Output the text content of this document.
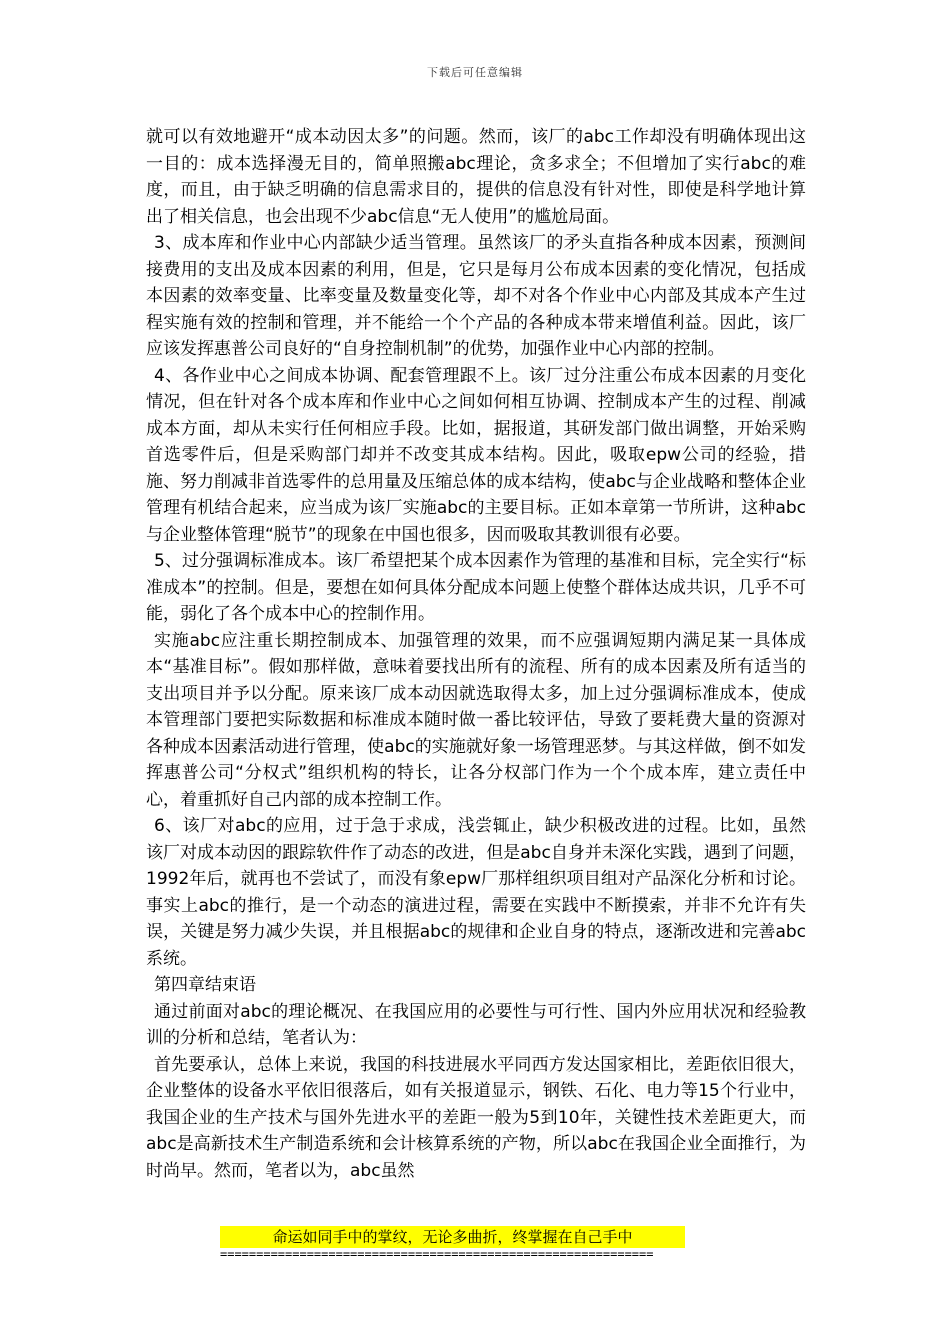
下载后可任意编辑

就可以有效地避开“成本动因太多”的问题。然而，该厂的abc工作却没有明确体现出这一目的：成本选择漫无目的，简单照搬abc理论，贪多求全；不但增加了实行abc的难度，而且，由于缺乏明确的信息需求目的，提供的信息没有针对性，即使是科学地计算出了相关信息，也会出现不少abc信息“无人使用”的尴尬局面。

3、成本库和作业中心内部缺少适当管理。虽然该厂的矛头直指各种成本因素，预测间接费用的支出及成本因素的利用，但是，它只是每月公布成本因素的变化情况，包括成本因素的效率变量、比率变量及数量变化等，却不对各个作业中心内部及其成本产生过程实施有效的控制和管理，并不能给一个个产品的各种成本带来增值利益。因此，该厂应该发挥惠普公司良好的“自身控制机制”的优势，加强作业中心内部的控制。

4、各作业中心之间成本协调、配套管理跟不上。该厂过分注重公布成本因素的月变化情况，但在针对各个成本库和作业中心之间如何相互协调、控制成本产生的过程、削减成本方面，却从未实行任何相应手段。比如，据报道，其研发部门做出调整，开始采购首选零件后，但是采购部门却并不改变其成本结构。因此，吸取epw公司的经验，措施、努力削减非首选零件的总用量及压缩总体的成本结构，使abc与企业战略和整体企业管理有机结合起来，应当成为该厂实施abc的主要目标。正如本章第一节所讲，这种abc与企业整体管理“脱节”的现象在中国也很多，因而吸取其教训很有必要。

5、过分强调标准成本。该厂希望把某个成本因素作为管理的基准和目标，完全实行“标准成本”的控制。但是，要想在如何具体分配成本问题上使整个群体达成共识，几乎不可能，弱化了各个成本中心的控制作用。

实施abc应注重长期控制成本、加强管理的效果，而不应强调短期内满足某一具体成本“基准目标”。假如那样做，意味着要找出所有的流程、所有的成本因素及所有适当的支出项目并予以分配。原来该厂成本动因就选取得太多，加上过分强调标准成本，使成本管理部门要把实际数据和标准成本随时做一番比较评估，导致了要耗费大量的资源对各种成本因素活动进行管理，使abc的实施就好象一场管理恶梦。与其这样做，倒不如发挥惠普公司“分权式”组织机构的特长，让各分权部门作为一个个成本库，建立责任中心，着重抓好自己内部的成本控制工作。

6、该厂对abc的应用，过于急于求成，浅尝辄止，缺少积极改进的过程。比如，虽然该厂对成本动因的跟踪软件作了动态的改进，但是abc自身并未深化实践，遇到了问题，1992年后，就再也不尝试了，而没有象epw厂那样组织项目组对产品深化分析和讨论。事实上abc的推行，是一个动态的演进过程，需要在实践中不断摸索，并非不允许有失误，关键是努力减少失误，并且根据abc的规律和企业自身的特点，逐渐改进和完善abc系统。

第四章结束语

通过前面对abc的理论概况、在我国应用的必要性与可行性、国内外应用状况和经验教训的分析和总结，笔者认为：

首先要承认，总体上来说，我国的科技进展水平同西方发达国家相比，差距依旧很大，企业整体的设备水平依旧很落后，如有关报道显示，钢铁、石化、电力等15个行业中，我国企业的生产技术与国外先进水平的差距一般为5到10年，关键性技术差距更大，而abc是高新技术生产制造系统和会计核算系统的产物，所以abc在我国企业全面推行，为时尚早。然而，笔者以为，abc虽然

命运如同手中的掌纹，无论多曲折，终掌握在自己手中
============================================================
